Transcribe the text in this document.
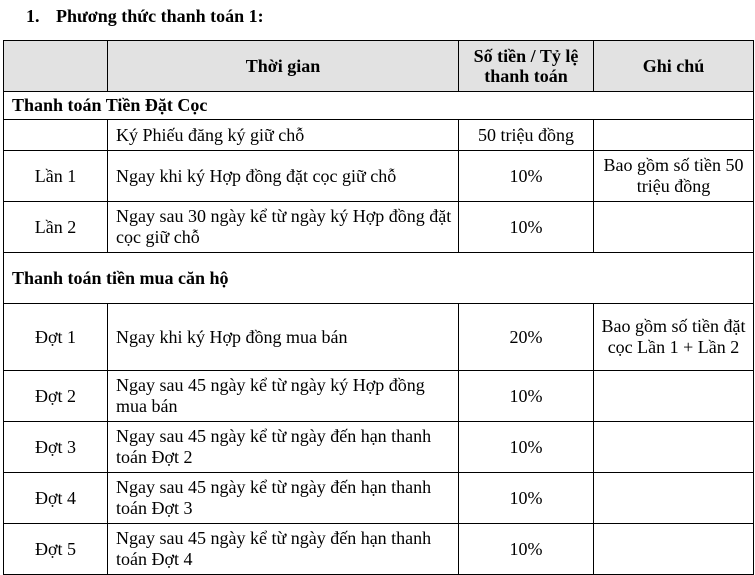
1. Phương thức thanh toán 1:
	Thời gian	Số tiền / Tỷ lệ thanh toán	Ghi chú
Thanh toán Tiền Đặt Cọc			
	Ký Phiếu đăng ký giữ chỗ	50 triệu đồng	
Lần 1	Ngay khi ký Hợp đồng đặt cọc giữ chỗ	10%	Bao gồm số tiền 50 triệu đồng
Lần 2	Ngay sau 30 ngày kể từ ngày ký Hợp đồng đặt cọc giữ chỗ	10%	
Thanh toán tiền mua căn hộ			
Đợt 1	Ngay khi ký Hợp đồng mua bán	20%	Bao gồm số tiền đặt cọc Lần 1 + Lần 2
Đợt 2	Ngay sau 45 ngày kể từ ngày ký Hợp đồng mua bán	10%	
Đợt 3	Ngay sau 45 ngày kể từ ngày đến hạn thanh toán Đợt 2	10%	
Đợt 4	Ngay sau 45 ngày kể từ ngày đến hạn thanh toán Đợt 3	10%	
Đợt 5	Ngay sau 45 ngày kể từ ngày đến hạn thanh toán Đợt 4	10%	
